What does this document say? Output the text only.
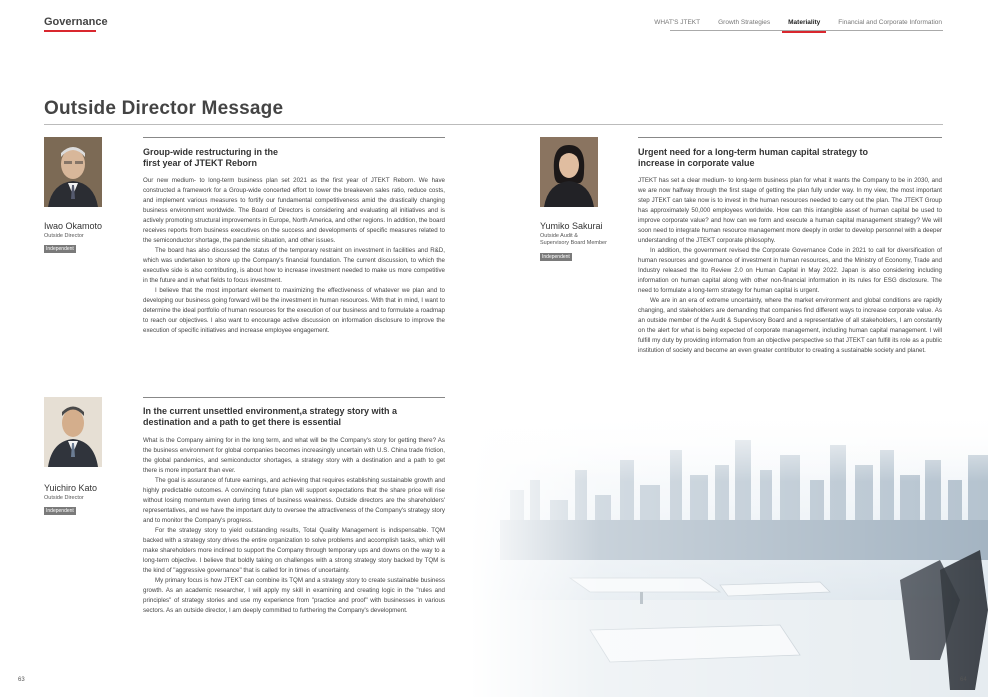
Governance	WHAT'S JTEKT	Growth Strategies	Materiality	Financial and Corporate Information
Outside Director Message
Iwao Okamoto
Outside Director
Independent
Group-wide restructuring in the
first year of JTEKT Reborn

Our new medium- to long-term business plan set 2021 as the first year of JTEKT Reborn. We have constructed a framework for a Group-wide concerted effort to lower the breakeven sales ratio, reduce costs, and implement various measures to fortify our fundamental competitiveness amid the drastically changing business environment worldwide. The Board of Directors is considering and evaluating all initiatives and is actively promoting structural improvements in Europe, North America, and other regions. In addition, the board receives reports from business executives on the success and developments of specific measures related to the semiconductor shortage, the pandemic situation, and other issues.

The board has also discussed the status of the temporary restraint on investment in facilities and R&D, which was undertaken to shore up the Company's financial foundation. The current discussion, to which the executive side is also contributing, is about how to increase investment needed to make us more competitive in the future and in what fields to focus investment.

I believe that the most important element to maximizing the effectiveness of whatever we plan and to developing our business going forward will be the investment in human resources. With that in mind, I want to determine the ideal portfolio of human resources for the execution of our business and to formulate a roadmap to reach our objectives. I also want to encourage active discussion on information disclosure to improve the execution of specific initiatives and increase employee engagement.

Yuichiro Kato
Outside Director
Independent
In the current unsettled environment,a strategy story with a
destination and a path to get there is essential

What is the Company aiming for in the long term, and what will be the Company's story for getting there? As the business environment for global companies becomes increasingly uncertain with U.S. China trade friction, the global pandemics, and semiconductor shortages, a strategy story with a destination and a path to get there is more important than ever.

The goal is assurance of future earnings, and achieving that requires establishing sustainable growth and highly predictable outcomes. A convincing future plan will support expectations that the share price will rise without losing momentum even during times of business weakness. Outside directors are the shareholders' representatives, and we have the important duty to oversee the attractiveness of the Company's strategy story and to monitor the Company's progress.

For the strategy story to yield outstanding results, Total Quality Management is indispensable. TQM backed with a strategy story drives the entire organization to solve problems and accomplish tasks, which will make shareholders more inclined to support the Company through temporary ups and downs on the way to a long-term objective. I believe that boldly taking on challenges with a strong strategy story backed by TQM is the kind of "aggressive governance" that is called for in times of uncertainty.

My primary focus is how JTEKT can combine its TQM and a strategy story to create sustainable business growth. As an academic researcher, I will apply my skill in examining and creating logic in the "rules and principles" of strategy stories and use my experience from "practice and proof" with businesses in various sectors. As an outside director, I am deeply committed to furthering the Company's development.

Yumiko Sakurai
Outside Audit &
Supervisory Board Member
Independent
Urgent need for a long-term human capital strategy to
increase in corporate value

JTEKT has set a clear medium- to long-term business plan for what it wants the Company to be in 2030, and we are now halfway through the first stage of getting the plan fully under way. In my view, the most important step JTEKT can take now is to invest in the human resources needed to carry out the plan. The JTEKT Group has approximately 50,000 employees worldwide. How can this intangible asset of human capital be used to improve corporate value? and how can we form and execute a human capital management strategy? We will soon need to integrate human resource management more deeply in order to develop personnel with a deeper understanding of the JTEKT corporate philosophy.

In addition, the government revised the Corporate Governance Code in 2021 to call for diversification of human resources and governance of investment in human resources, and the Ministry of Economy, Trade and Industry released the Ito Review 2.0 on Human Capital in May 2022. Japan is also considering including information on human capital along with other non-financial information in its rules for ESG disclosure. The need to formulate a long-term strategy for human capital is urgent.

We are in an era of extreme uncertainty, where the market environment and global conditions are rapidly changing, and stakeholders are demanding that companies find different ways to increase corporate value. As an outside member of the Audit & Supervisory Board and a representative of all stakeholders, I am constantly on the alert for what is being expected of corporate management, including human capital management. I will fulfill my duty by providing information from an objective perspective so that JTEKT can fulfill its role as a public institution of society and become an even greater contributor to creating a sustainable society and planet.

63	64
